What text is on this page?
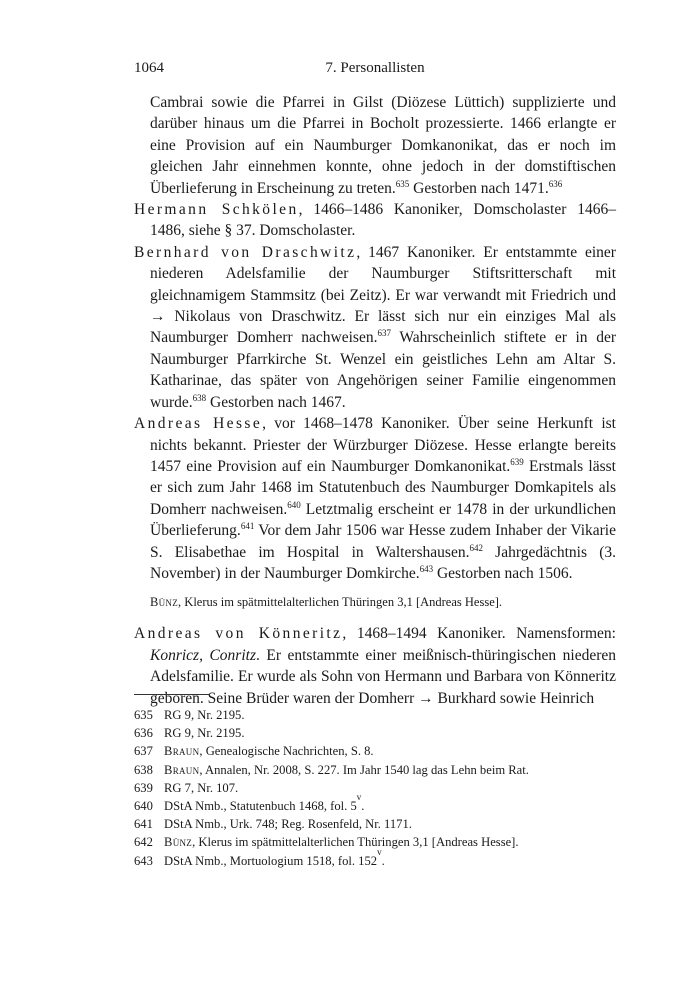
1064	7. Personallisten

Cambrai sowie die Pfarrei in Gilst (Diözese Lüttich) supplizierte und darüber hinaus um die Pfarrei in Bocholt prozessierte. 1466 erlangte er eine Provision auf ein Naumburger Domkanonikat, das er noch im gleichen Jahr einnehmen konnte, ohne jedoch in der domstiftischen Überlieferung in Erscheinung zu treten.$^{635}$ Gestorben nach 1471.$^{636}$

Hermann Schkölen, 1466–1486 Kanoniker, Domscholaster 1466–1486, siehe § 37. Domscholaster.

Bernhard von Draschwitz, 1467 Kanoniker. Er entstammte einer niederen Adelsfamilie der Naumburger Stiftsritterschaft mit gleichnamigem Stammsitz (bei Zeitz). Er war verwandt mit Friedrich und → Nikolaus von Draschwitz. Er lässt sich nur ein einziges Mal als Naumburger Domherr nachweisen.$^{637}$ Wahrscheinlich stiftete er in der Naumburger Pfarrkirche St. Wenzel ein geistliches Lehn am Altar S. Katharinae, das später von Angehörigen seiner Familie eingenommen wurde.$^{638}$ Gestorben nach 1467.

Andreas Hesse, vor 1468–1478 Kanoniker. Über seine Herkunft ist nichts bekannt. Priester der Würzburger Diözese. Hesse erlangte bereits 1457 eine Provision auf ein Naumburger Domkanonikat.$^{639}$ Erstmals lässt er sich zum Jahr 1468 im Statutenbuch des Naumburger Domkapitels als Domherr nachweisen.$^{640}$ Letztmalig erscheint er 1478 in der urkundlichen Überlieferung.$^{641}$ Vor dem Jahr 1506 war Hesse zudem Inhaber der Vikarie S. Elisabethae im Hospital in Waltershausen.$^{642}$ Jahrgedächtnis (3. November) in der Naumburger Domkirche.$^{643}$ Gestorben nach 1506.

Bünz, Klerus im spätmittelalterlichen Thüringen 3,1 [Andreas Hesse].

Andreas von Könneritz, 1468–1494 Kanoniker. Namensformen: Konricz, Conritz. Er entstammte einer meißnisch-thüringischen niederen Adelsfamilie. Er wurde als Sohn von Hermann und Barbara von Könneritz geboren. Seine Brüder waren der Domherr → Burkhard sowie Heinrich

635 RG 9, Nr. 2195.
636 RG 9, Nr. 2195.
637 Braun , Genealogische Nachrichten, S. 8.
638 Braun , Annalen, Nr. 2008, S. 227. Im Jahr 1540 lag das Lehn beim Rat.
639 RG 7, Nr. 107.
640 DStA Nmb., Statutenbuch 1468, fol. 5
v
.
641 DStA Nmb., Urk. 748; Reg. Rosenfeld, Nr. 1171.
642 Bünz , Klerus im spätmittelalterlichen Thüringen 3,1 [Andreas Hesse].
643 DStA Nmb., Mortuologium 1518, fol. 152
v
.
